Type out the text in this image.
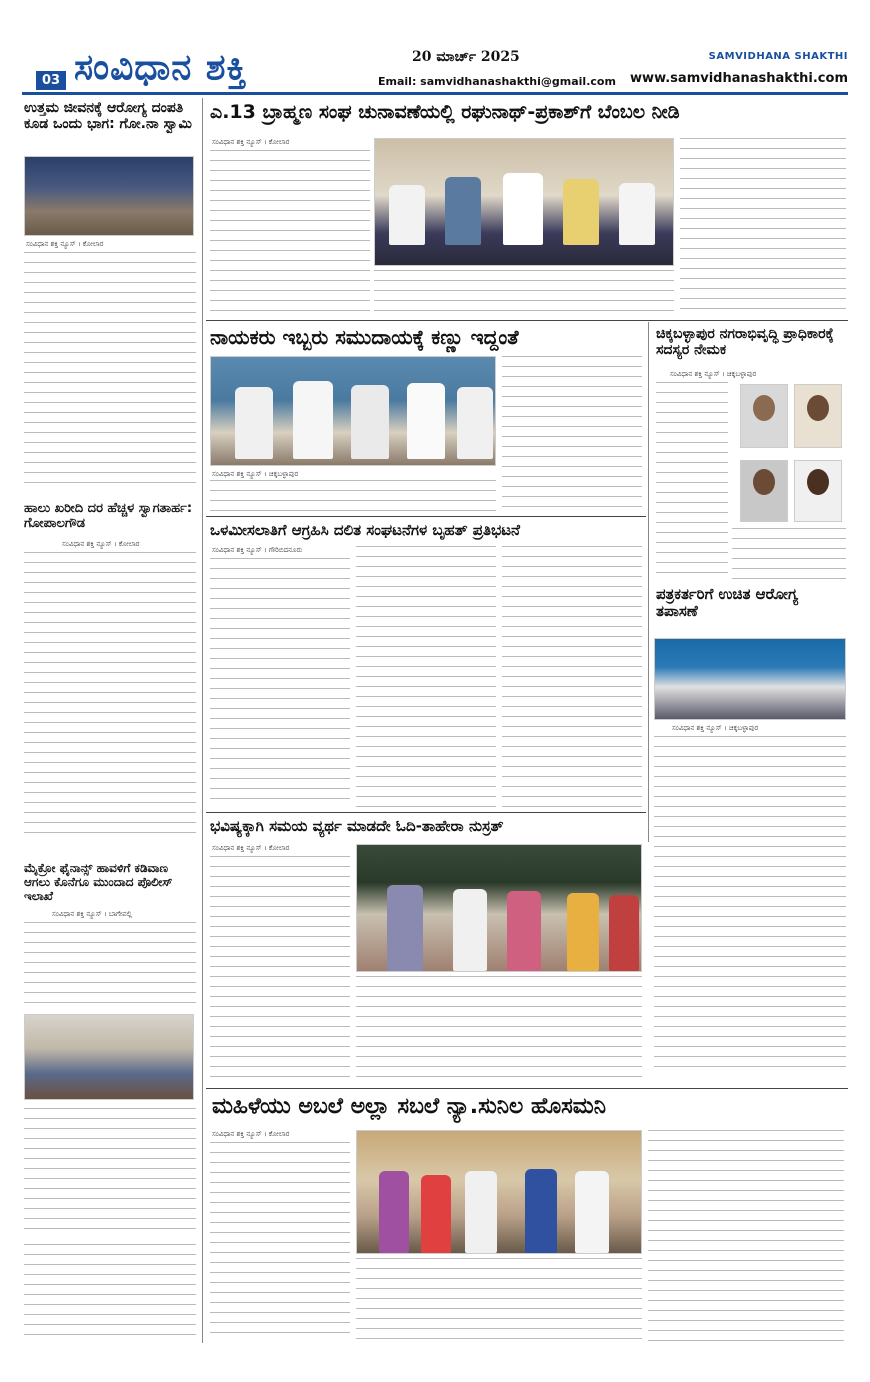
03 ಸಂವಿಧಾನ ಶಕ್ತಿ	20 ಮಾರ್ಚ್ 2025
Email: samvidhanashakthi@gmail.com
SAMVIDHANA SHAKTHI
www.samvidhanashakthi.com
ಉತ್ತಮ ಜೀವನಕ್ಕೆ ಆರೋಗ್ಯ ದಂಪತಿ ಕೂಡ ಒಂದು ಭಾಗ: ಗೋ.ನಾ ಸ್ವಾಮಿ
ಸಂವಿಧಾನ ಶಕ್ತಿ ನ್ಯೂಸ್ । ಕೋಲಾರ
ಹಾಲು ಖರೀದಿ ದರ ಹೆಚ್ಚಳ ಸ್ವಾಗತಾರ್ಹ: ಗೋಪಾಲಗೌಡ
ಸಂವಿಧಾನ ಶಕ್ತಿ ನ್ಯೂಸ್ । ಕೋಲಾರ
ಮೈಕ್ರೋ ಫೈನಾನ್ಸ್ ಹಾವಳಿಗೆ ಕಡಿವಾಣ ಆಗಲು ಕೊನೆಗೂ ಮುಂದಾದ ಪೊಲೀಸ್ ಇಲಾಖೆ
ಸಂವಿಧಾನ ಶಕ್ತಿ ನ್ಯೂಸ್ । ಬಾಗೇಪಲ್ಲಿ
ಎ.13 ಬ್ರಾಹ್ಮಣ ಸಂಘ ಚುನಾವಣೆಯಲ್ಲಿ ರಘುನಾಥ್-ಪ್ರಕಾಶ್‌ಗೆ ಬೆಂಬಲ ನೀಡಿ
ಸಂವಿಧಾನ ಶಕ್ತಿ ನ್ಯೂಸ್ । ಕೋಲಾರ
ನಾಯಕರು ಇಬ್ಬರು ಸಮುದಾಯಕ್ಕೆ ಕಣ್ಣು ಇದ್ದಂತೆ
ಸಂವಿಧಾನ ಶಕ್ತಿ ನ್ಯೂಸ್ । ಚಿಕ್ಕಬಳ್ಳಾಪುರ
ಚಿಕ್ಕಬಳ್ಳಾಪುರ ನಗರಾಭಿವೃದ್ಧಿ ಪ್ರಾಧಿಕಾರಕ್ಕೆ ಸದಸ್ಯರ ನೇಮಕ
ಸಂವಿಧಾನ ಶಕ್ತಿ ನ್ಯೂಸ್ । ಚಿಕ್ಕಬಳ್ಳಾಪುರ
ಪತ್ರಕರ್ತರಿಗೆ ಉಚಿತ ಆರೋಗ್ಯ ತಪಾಸಣೆ
ಸಂವಿಧಾನ ಶಕ್ತಿ ನ್ಯೂಸ್ । ಚಿಕ್ಕಬಳ್ಳಾಪುರ
ಒಳಮೀಸಲಾತಿಗೆ ಆಗ್ರಹಿಸಿ ದಲಿತ ಸಂಘಟನೆಗಳ ಬೃಹತ್ ಪ್ರತಿಭಟನೆ
ಸಂವಿಧಾನ ಶಕ್ತಿ ನ್ಯೂಸ್ । ಗೌರಿಬಿದನೂರು
ಭವಿಷ್ಯಕ್ಕಾಗಿ ಸಮಯ ವ್ಯರ್ಥ ಮಾಡದೇ ಓದಿ-ತಾಹೇರಾ ನುಸ್ರತ್
ಸಂವಿಧಾನ ಶಕ್ತಿ ನ್ಯೂಸ್ । ಕೋಲಾರ
ಮಹಿಳೆಯು ಅಬಲೆ ಅಲ್ಲಾ ಸಬಲೆ ನ್ಯಾ.ಸುನಿಲ ಹೊಸಮನಿ
ಸಂವಿಧಾನ ಶಕ್ತಿ ನ್ಯೂಸ್ । ಕೋಲಾರ
